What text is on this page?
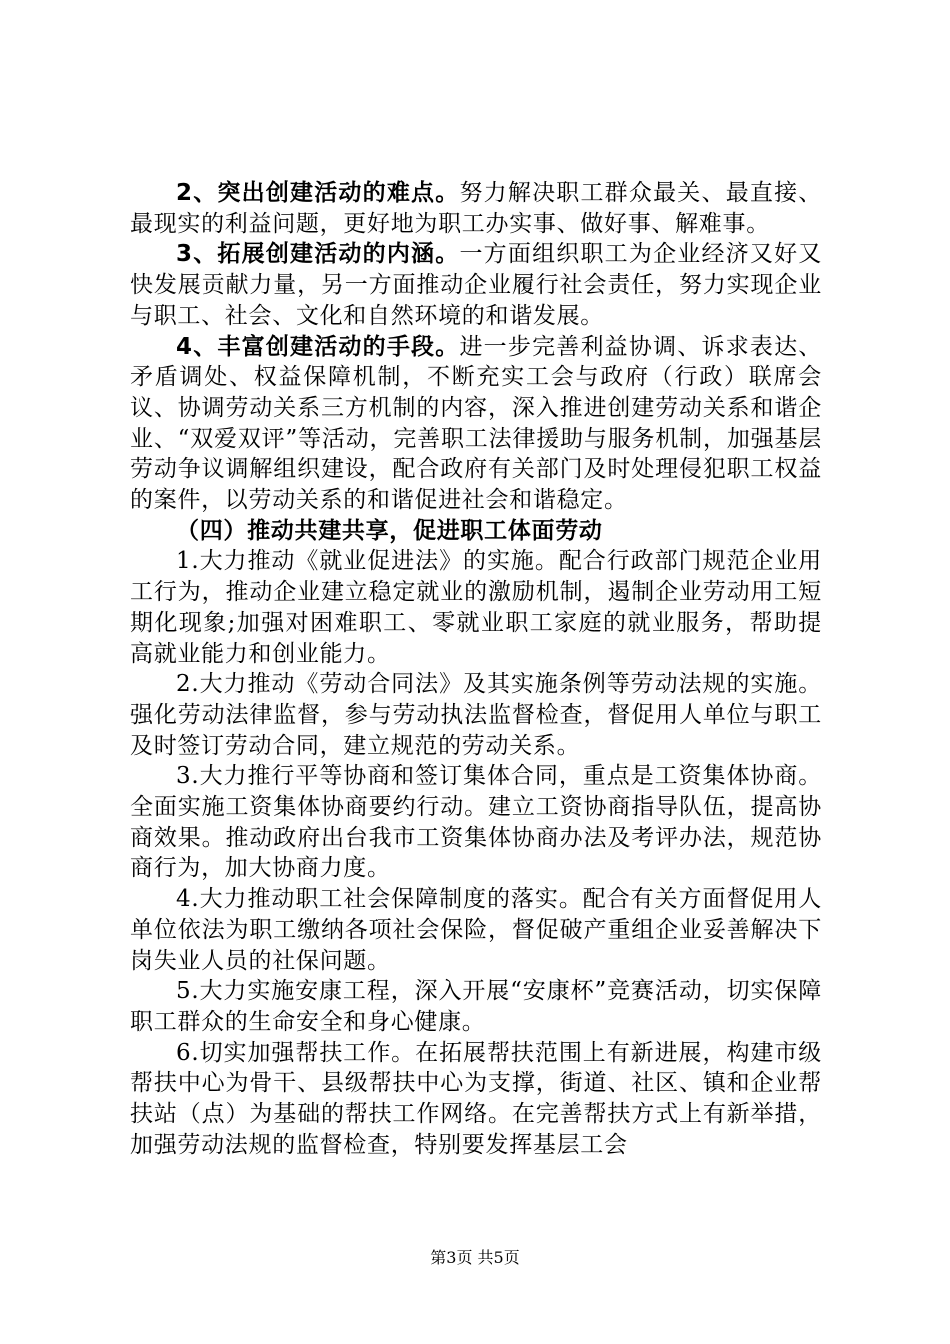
2、突出创建活动的难点。努力解决职工群众最关、最直接、最现实的利益问题，更好地为职工办实事、做好事、解难事。

3、拓展创建活动的内涵。一方面组织职工为企业经济又好又快发展贡献力量，另一方面推动企业履行社会责任，努力实现企业与职工、社会、文化和自然环境的和谐发展。

4、丰富创建活动的手段。进一步完善利益协调、诉求表达、矛盾调处、权益保障机制，不断充实工会与政府（行政）联席会议、协调劳动关系三方机制的内容，深入推进创建劳动关系和谐企业、“双爱双评”等活动，完善职工法律援助与服务机制，加强基层劳动争议调解组织建设，配合政府有关部门及时处理侵犯职工权益的案件，以劳动关系的和谐促进社会和谐稳定。

（四）推动共建共享，促进职工体面劳动

1.大力推动《就业促进法》的实施。配合行政部门规范企业用工行为，推动企业建立稳定就业的激励机制，遏制企业劳动用工短期化现象;加强对困难职工、零就业职工家庭的就业服务，帮助提高就业能力和创业能力。

2.大力推动《劳动合同法》及其实施条例等劳动法规的实施。强化劳动法律监督，参与劳动执法监督检查，督促用人单位与职工及时签订劳动合同，建立规范的劳动关系。

3.大力推行平等协商和签订集体合同，重点是工资集体协商。全面实施工资集体协商要约行动。建立工资协商指导队伍，提高协商效果。推动政府出台我市工资集体协商办法及考评办法，规范协商行为，加大协商力度。

4.大力推动职工社会保障制度的落实。配合有关方面督促用人单位依法为职工缴纳各项社会保险，督促破产重组企业妥善解决下岗失业人员的社保问题。

5.大力实施安康工程，深入开展“安康杯”竞赛活动，切实保障职工群众的生命安全和身心健康。

6.切实加强帮扶工作。在拓展帮扶范围上有新进展，构建市级帮扶中心为骨干、县级帮扶中心为支撑，街道、社区、镇和企业帮扶站（点）为基础的帮扶工作网络。在完善帮扶方式上有新举措，加强劳动法规的监督检查，特别要发挥基层工会

第3页 共5页
